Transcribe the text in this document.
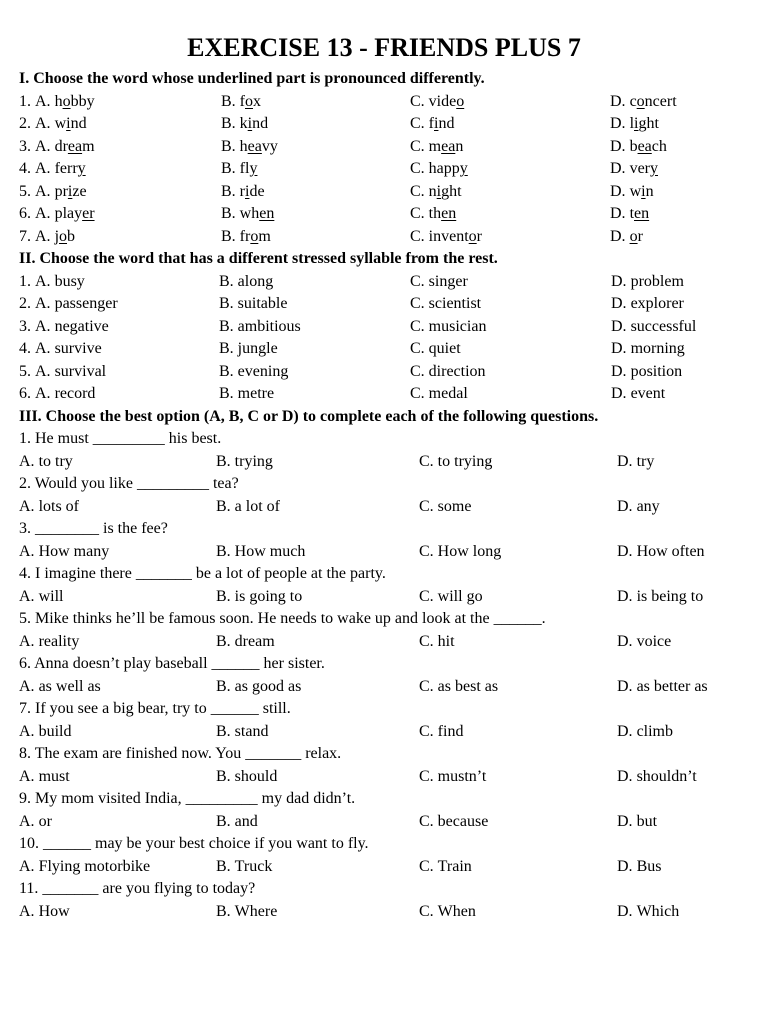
EXERCISE 13 - FRIENDS PLUS 7
I. Choose the word whose underlined part is pronounced differently.
1. A. hobby	B. fox	C. video	D. concert
2. A. wind	B. kind	C. find	D. light
3. A. dream	B. heavy	C. mean	D. beach
4. A. ferry	B. fly	C. happy	D. very
5. A. prize	B. ride	C. night	D. win
6. A. player	B. when	C. then	D. ten
7. A. job	B. from	C. inventor	D. or
II. Choose the word that has a different stressed syllable from the rest.
1. A. busy	B. along	C. singer	D. problem
2. A. passenger	B. suitable	C. scientist	D. explorer
3. A. negative	B. ambitious	C. musician	D. successful
4. A. survive	B. jungle	C. quiet	D. morning
5. A. survival	B. evening	C. direction	D. position
6. A. record	B. metre	C. medal	D. event
III. Choose the best option (A, B, C or D) to complete each of the following questions.
1. He must _________ his best.
A. to try	B. trying	C. to trying	D. try
2. Would you like _________ tea?
A. lots of	B. a lot of	C. some	D. any
3. ________ is the fee?
A. How many	B. How much	C. How long	D. How often
4. I imagine there _______ be a lot of people at the party.
A. will	B. is going to	C. will go	D. is being to
5. Mike thinks he’ll be famous soon. He needs to wake up and look at the ______.
A. reality	B. dream	C. hit	D. voice
6. Anna doesn’t play baseball ______ her sister.
A. as well as	B. as good as	C. as best as	D. as better as
7. If you see a big bear, try to ______ still.
A. build	B. stand	C. find	D. climb
8. The exam are finished now. You _______ relax.
A. must	B. should	C. mustn’t	D. shouldn’t
9. My mom visited India, _________ my dad didn’t.
A. or	B. and	C. because	D. but
10. ______ may be your best choice if you want to fly.
A. Flying motorbike	B. Truck	C. Train	D. Bus
11. _______ are you flying to today?
A. How	B. Where	C. When	D. Which
